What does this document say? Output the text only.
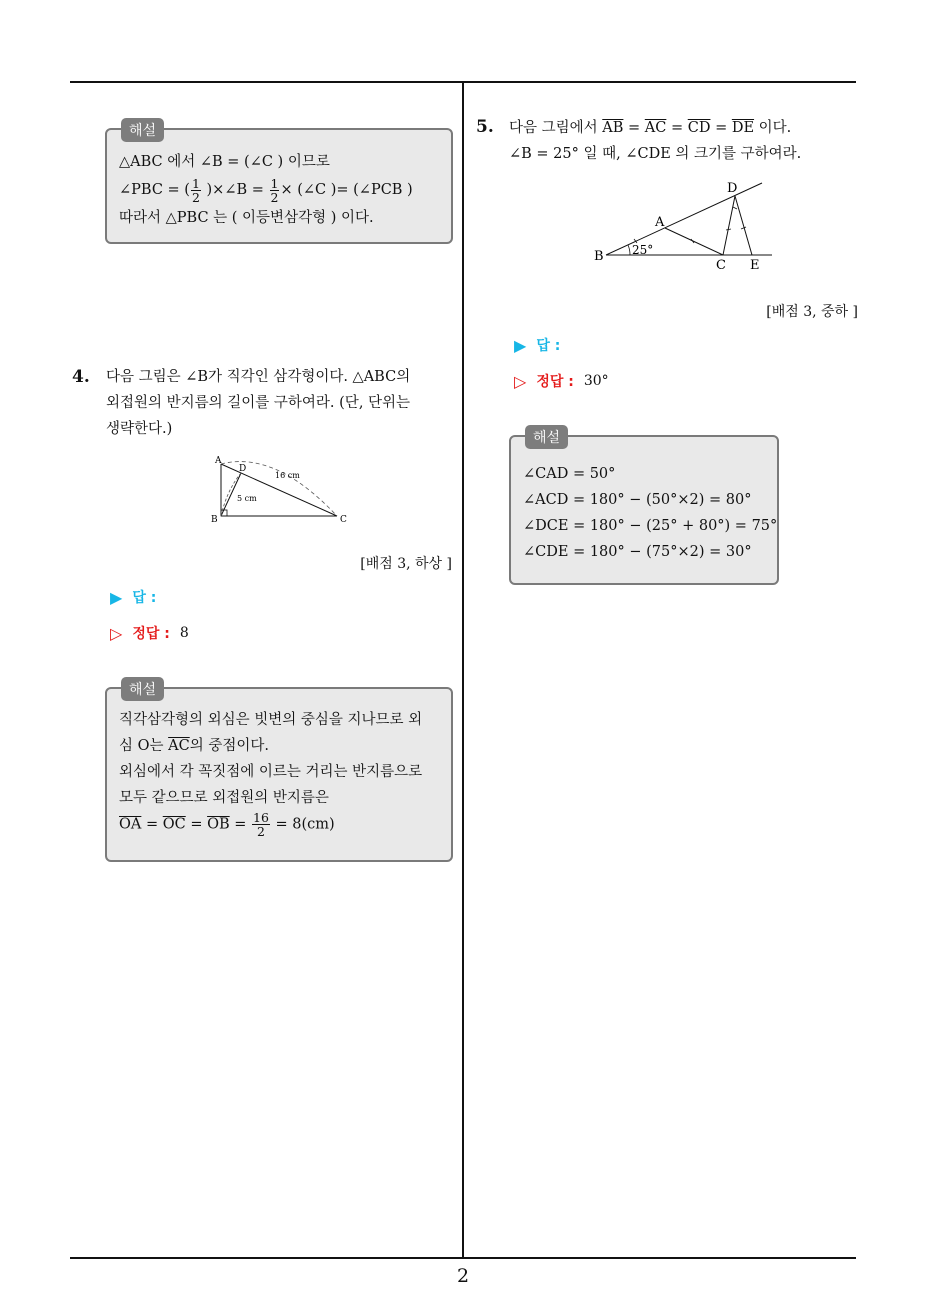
해설
△ABC 에서 ∠B = (∠C ) 이므로
∠PBC = ( $\frac{1}{2}$ )×∠B = $\frac{1}{2}$ × (∠C )= (∠PCB )
따라서 △PBC 는 ( 이등변삼각형 ) 이다.
4. 다음 그림은 ∠B가 직각인 삼각형이다. △ABC의
외접원의 반지름의 길이를 구하여라. (단, 단위는
생략한다.)
A
D
B	C
16 cm
5 cm
[배점 3, 하상 ]
▶ 답 :
▷ 정답 : 8
해설
직각삼각형의 외심은 빗변의 중심을 지나므로 외
심 O는 $\overline{AC}$의 중점이다.
외심에서 각 꼭짓점에 이르는 거리는 반지름으로
모두 같으므로 외접원의 반지름은
$\overline{OA} = \overline{OC} = \overline{OB} = \frac{16}{2} = 8(cm)$
5. 다음 그림에서 $\overline{AB} = \overline{AC} = \overline{CD} = \overline{DE}$ 이다.
∠B = 25° 일 때, ∠CDE 의 크기를 구하여라.
B
A
D
C E
25°
[배점 3, 중하 ]
▶ 답 :
▷ 정답 : 30°
해설
∠CAD = 50°
∠ACD = 180° − (50°×2) = 80°
∠DCE = 180° − (25° + 80°) = 75°
∠CDE = 180° − (75°×2) = 30°
2
